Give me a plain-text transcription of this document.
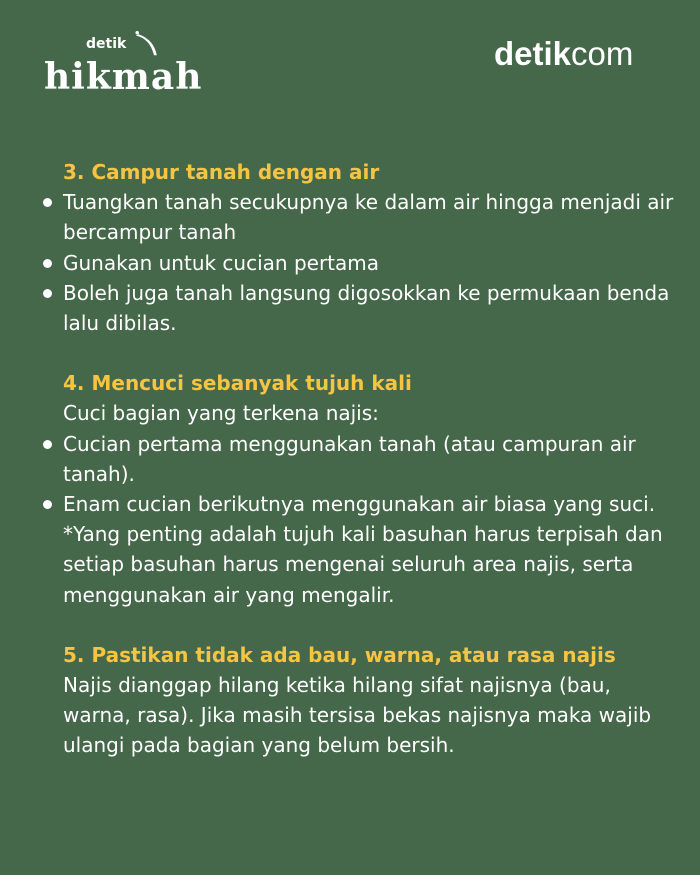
detik
hikmah
detikcom
3. Campur tanah dengan air
Tuangkan tanah secukupnya ke dalam air hingga menjadi air bercampur tanah
Gunakan untuk cucian pertama
Boleh juga tanah langsung digosokkan ke permukaan benda lalu dibilas.
4. Mencuci sebanyak tujuh kali
Cuci bagian yang terkena najis:
Cucian pertama menggunakan tanah (atau campuran air tanah).
Enam cucian berikutnya menggunakan air biasa yang suci. *Yang penting adalah tujuh kali basuhan harus terpisah dan setiap basuhan harus mengenai seluruh area najis, serta menggunakan air yang mengalir.
5. Pastikan tidak ada bau, warna, atau rasa najis
Najis dianggap hilang ketika hilang sifat najisnya (bau, warna, rasa). Jika masih tersisa bekas najisnya maka wajib ulangi pada bagian yang belum bersih.
